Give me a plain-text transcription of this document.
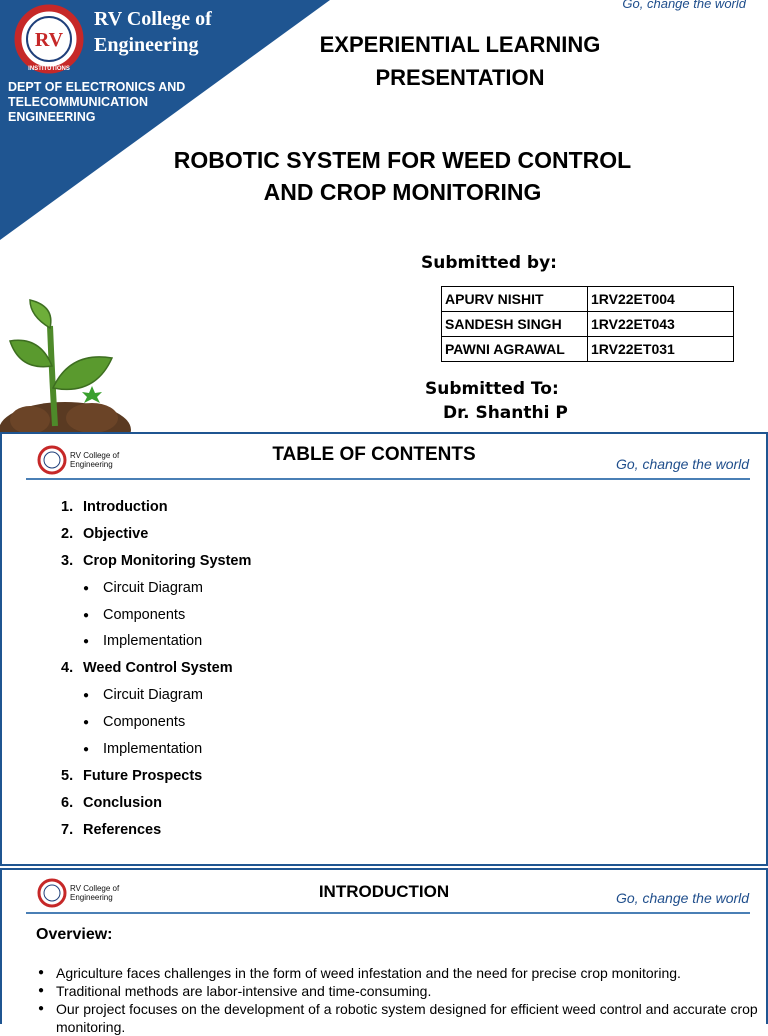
RV
INSTITUTIONS
RV College of
Engineering
DEPT OF ELECTRONICS AND
TELECOMMUNICATION
ENGINEERING
Go, change the world
EXPERIENTIAL LEARNING
PRESENTATION
ROBOTIC SYSTEM FOR WEED CONTROL
AND CROP MONITORING
Submitted by:
APURV NISHIT	1RV22ET004
SANDESH SINGH	1RV22ET043
PAWNI AGRAWAL	1RV22ET031
Submitted To:
Dr. Shanthi P
RV College of
Engineering	TABLE OF CONTENTS	Go, change the world
1. Introduction
2. Objective
3. Crop Monitoring System
● Circuit Diagram
● Components
● Implementation
4. Weed Control System
● Circuit Diagram
● Components
● Implementation
5. Future Prospects
6. Conclusion
7. References
RV College of
Engineering	INTRODUCTION	Go, change the world
Overview:
● Agriculture faces challenges in the form of weed infestation and the need for precise crop monitoring.
● Traditional methods are labor-intensive and time-consuming.
● Our project focuses on the development of a robotic system designed for efficient weed control and accurate crop monitoring.
